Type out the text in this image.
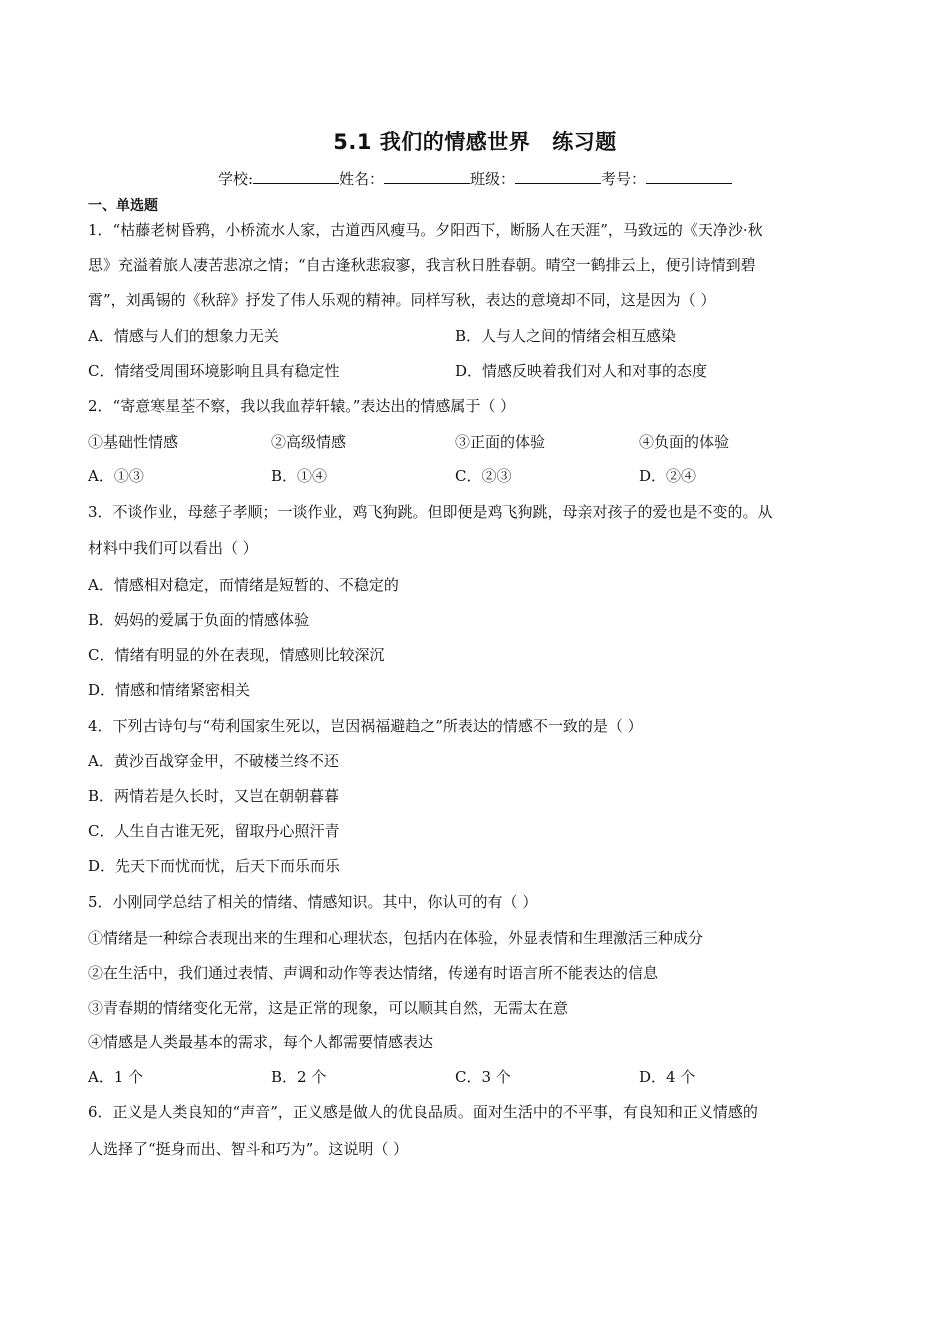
5.1 我们的情感世界 练习题
学校:	姓名：	班级：	考号：
一、单选题
1．“枯藤老树昏鸦，小桥流水人家，古道西风瘦马。夕阳西下，断肠人在天涯”，马致远的《天净沙·秋
思》充溢着旅人凄苦悲凉之情；“自古逢秋悲寂寥，我言秋日胜春朝。晴空一鹤排云上，便引诗情到碧
霄”，刘禹锡的《秋辞》抒发了伟人乐观的精神。同样写秋，表达的意境却不同，这是因为（ ）
A．情感与人们的想象力无关	B．人与人之间的情绪会相互感染
C．情绪受周围环境影响且具有稳定性	D．情感反映着我们对人和对事的态度
2．“寄意寒星荃不察，我以我血荐轩辕。”表达出的情感属于（ ）
①基础性情感	②高级情感	③正面的体验	④负面的体验
A．①③	B．①④	C．②③	D．②④
3．不谈作业，母慈子孝顺；一谈作业，鸡飞狗跳。但即便是鸡飞狗跳，母亲对孩子的爱也是不变的。从
材料中我们可以看出（ ）
A．情感相对稳定，而情绪是短暂的、不稳定的
B．妈妈的爱属于负面的情感体验
C．情绪有明显的外在表现，情感则比较深沉
D．情感和情绪紧密相关
4．下列古诗句与“苟利国家生死以，岂因祸福避趋之”所表达的情感不一致的是（ ）
A．黄沙百战穿金甲，不破楼兰终不还
B．两情若是久长时，又岂在朝朝暮暮
C．人生自古谁无死，留取丹心照汗青
D．先天下而忧而忧，后天下而乐而乐
5．小刚同学总结了相关的情绪、情感知识。其中，你认可的有（ ）
①情绪是一种综合表现出来的生理和心理状态，包括内在体验，外显表情和生理激活三种成分
②在生活中，我们通过表情、声调和动作等表达情绪，传递有时语言所不能表达的信息
③青春期的情绪变化无常，这是正常的现象，可以顺其自然，无需太在意
④情感是人类最基本的需求，每个人都需要情感表达
A．1 个	B．2 个	C．3 个	D．4 个
6．正义是人类良知的“声音”，正义感是做人的优良品质。面对生活中的不平事，有良知和正义情感的
人选择了“挺身而出、智斗和巧为”。这说明（ ）
